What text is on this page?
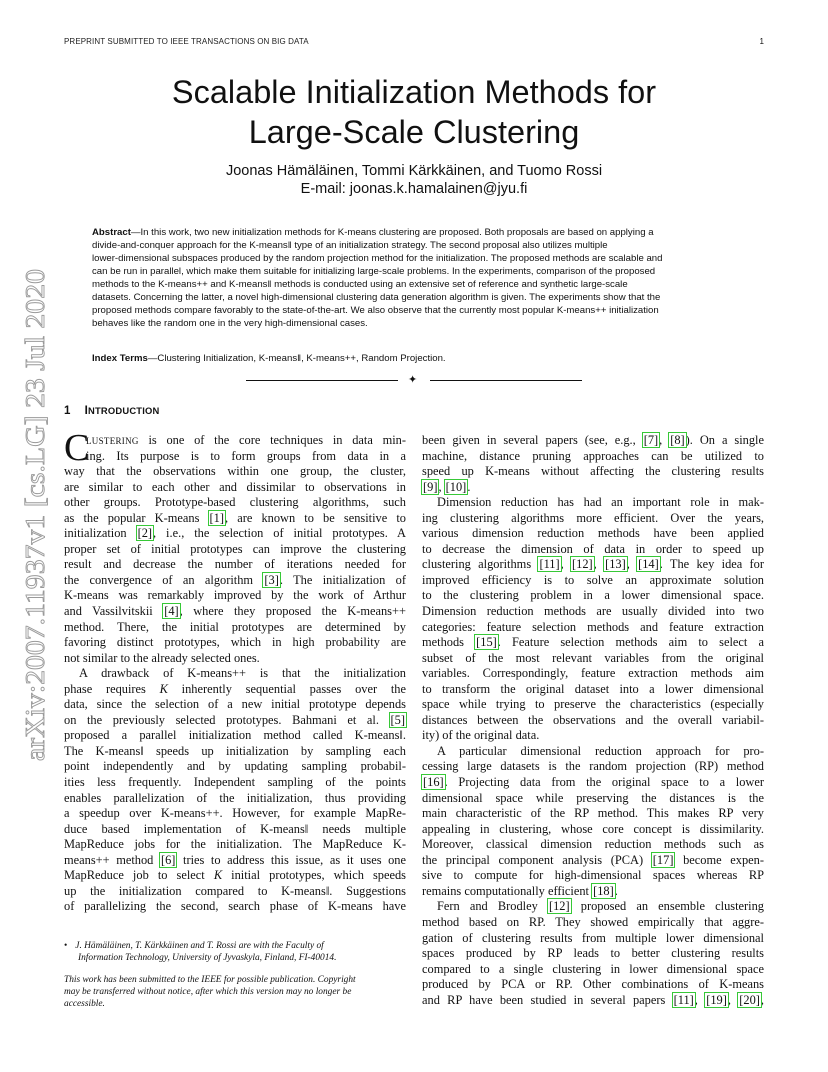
PREPRINT SUBMITTED TO IEEE TRANSACTIONS ON BIG DATA	1
arXiv:2007.11937v1 [cs.LG] 23 Jul 2020
Scalable Initialization Methods for
Large-Scale Clustering
Joonas Hämäläinen, Tommi Kärkkäinen, and Tuomo Rossi
E-mail: joonas.k.hamalainen@jyu.fi
Abstract—In this work, two new initialization methods for K-means clustering are proposed. Both proposals are based on applying a
divide-and-conquer approach for the K-means‖ type of an initialization strategy. The second proposal also utilizes multiple
lower-dimensional subspaces produced by the random projection method for the initialization. The proposed methods are scalable and
can be run in parallel, which make them suitable for initializing large-scale problems. In the experiments, comparison of the proposed
methods to the K-means++ and K-means‖ methods is conducted using an extensive set of reference and synthetic large-scale
datasets. Concerning the latter, a novel high-dimensional clustering data generation algorithm is given. The experiments show that the
proposed methods compare favorably to the state-of-the-art. We also observe that the currently most popular K-means++ initialization
behaves like the random one in the very high-dimensional cases.
Index Terms—Clustering Initialization, K-means‖, K-means++, Random Projection.
✦
1 INTRODUCTION
C
lustering is one of the core techniques in data min-
ing. Its purpose is to form groups from data in a
way that the observations within one group, the cluster,
are similar to each other and dissimilar to observations in
other groups. Prototype-based clustering algorithms, such
as the popular K-means [1], are known to be sensitive to
initialization [2], i.e., the selection of initial prototypes. A
proper set of initial prototypes can improve the clustering
result and decrease the number of iterations needed for
the convergence of an algorithm [3]. The initialization of
K-means was remarkably improved by the work of Arthur
and Vassilvitskii [4], where they proposed the K-means++
method. There, the initial prototypes are determined by
favoring distinct prototypes, which in high probability are
not similar to the already selected ones.
A drawback of K-means++ is that the initialization
phase requires K inherently sequential passes over the
data, since the selection of a new initial prototype depends
on the previously selected prototypes. Bahmani et al. [5]
proposed a parallel initialization method called K-means‖.
The K-means‖ speeds up initialization by sampling each
point independently and by updating sampling probabil-
ities less frequently. Independent sampling of the points
enables parallelization of the initialization, thus providing
a speedup over K-means++. However, for example MapRe-
duce based implementation of K-means‖ needs multiple
MapReduce jobs for the initialization. The MapReduce K-
means++ method [6] tries to address this issue, as it uses one
MapReduce job to select K initial prototypes, which speeds
up the initialization compared to K-means‖. Suggestions
of parallelizing the second, search phase of K-means have
been given in several papers (see, e.g., [7], [8]). On a single
machine, distance pruning approaches can be utilized to
speed up K-means without affecting the clustering results
[9], [10].
Dimension reduction has had an important role in mak-
ing clustering algorithms more efficient. Over the years,
various dimension reduction methods have been applied
to decrease the dimension of data in order to speed up
clustering algorithms [11], [12], [13], [14]. The key idea for
improved efficiency is to solve an approximate solution
to the clustering problem in a lower dimensional space.
Dimension reduction methods are usually divided into two
categories: feature selection methods and feature extraction
methods [15]. Feature selection methods aim to select a
subset of the most relevant variables from the original
variables. Correspondingly, feature extraction methods aim
to transform the original dataset into a lower dimensional
space while trying to preserve the characteristics (especially
distances between the observations and the overall variabil-
ity) of the original data.
A particular dimensional reduction approach for pro-
cessing large datasets is the random projection (RP) method
[16]. Projecting data from the original space to a lower
dimensional space while preserving the distances is the
main characteristic of the RP method. This makes RP very
appealing in clustering, whose core concept is dissimilarity.
Moreover, classical dimension reduction methods such as
the principal component analysis (PCA) [17] become expen-
sive to compute for high-dimensional spaces whereas RP
remains computationally efficient [18].
Fern and Brodley [12] proposed an ensemble clustering
method based on RP. They showed empirically that aggre-
gation of clustering results from multiple lower dimensional
spaces produced by RP leads to better clustering results
compared to a single clustering in lower dimensional space
produced by PCA or RP. Other combinations of K-means
and RP have been studied in several papers [11], [19], [20],
• J. Hämäläinen, T. Kärkkäinen and T. Rossi are with the Faculty of
Information Technology, University of Jyvaskyla, Finland, FI-40014.
This work has been submitted to the IEEE for possible publication. Copyright
may be transferred without notice, after which this version may no longer be
accessible.
